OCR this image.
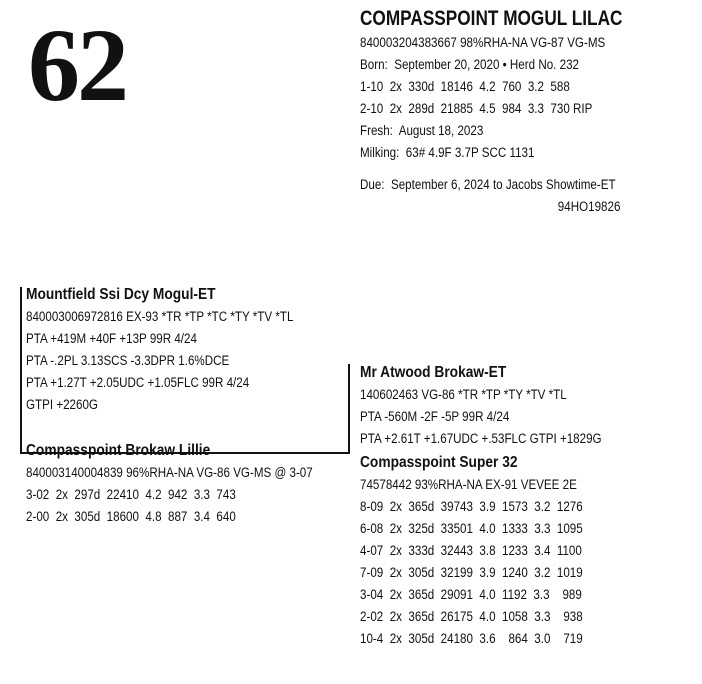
62	COMPASSPOINT MOGUL LILAC
840003204383667 98%RHA-NA VG-87 VG-MS
Born:  September 20, 2020 • Herd No. 232
1-10  2x  330d  18146  4.2  760  3.2  588
2-10  2x  289d  21885  4.5  984  3.3  730 RIP
Fresh:  August 18, 2023
Milking:  63# 4.9F 3.7P SCC 1131
Due:  September 6, 2024 to Jacobs Showtime-ET
94HO19826
Mountfield Ssi Dcy Mogul-ET
840003006972816 EX-93 *TR *TP *TC *TY *TV *TL
PTA +419M +40F +13P 99R 4/24
PTA -.2PL 3.13SCS -3.3DPR 1.6%DCE
PTA +1.27T +2.05UDC +1.05FLC 99R 4/24
GTPI +2260G
Compasspoint Brokaw Lillie
840003140004839 96%RHA-NA VG-86 VG-MS @ 3-07
3-02  2x  297d  22410  4.2  942  3.3  743
2-00  2x  305d  18600  4.8  887  3.4  640
Mr Atwood Brokaw-ET
140602463 VG-86 *TR *TP *TY *TV *TL
PTA -560M -2F -5P 99R 4/24
PTA +2.61T +1.67UDC +.53FLC GTPI +1829G
Compasspoint Super 32
74578442 93%RHA-NA EX-91 VEVEE 2E
8-09  2x  365d  39743  3.9  1573  3.2  1276
6-08  2x  325d  33501  4.0  1333  3.3  1095
4-07  2x  333d  32443  3.8  1233  3.4  1100
7-09  2x  305d  32199  3.9  1240  3.2  1019
3-04  2x  365d  29091  4.0  1192  3.3    989
2-02  2x  365d  26175  4.0  1058  3.3    938
10-4  2x  305d  24180  3.6    864  3.0    719
